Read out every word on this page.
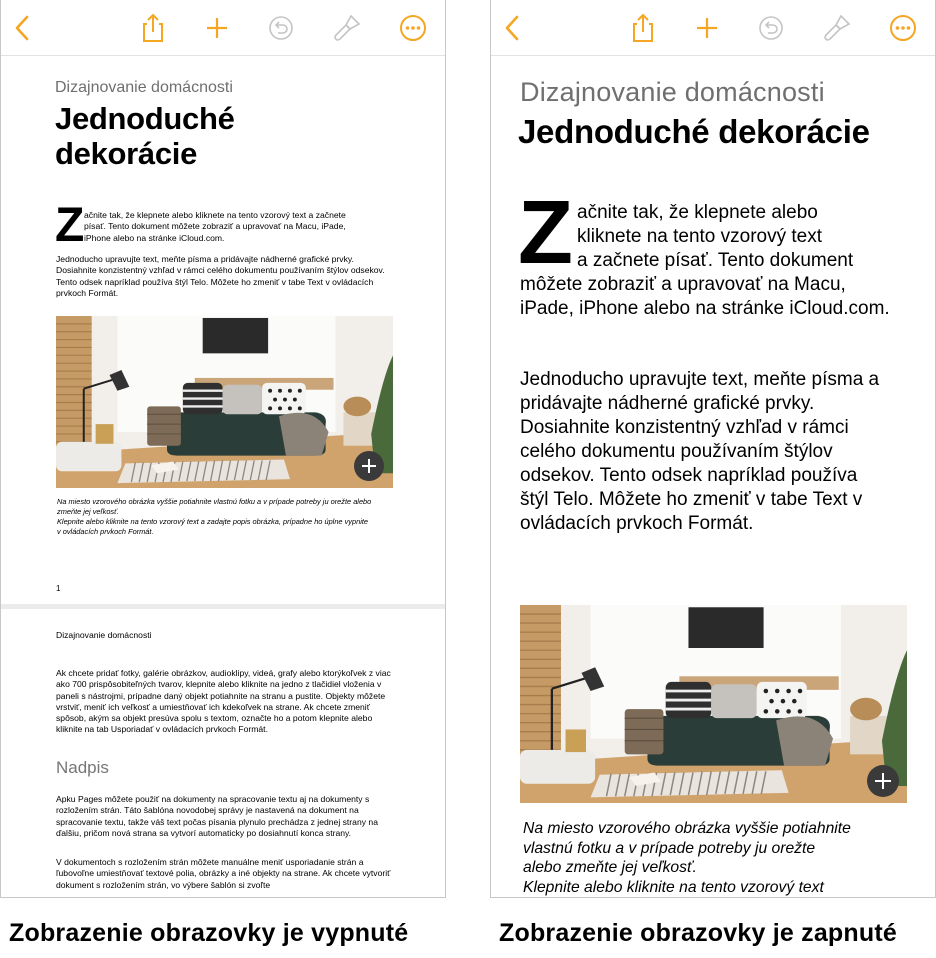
Dizajnovanie domácnosti
Jednoduché
dekorácie
Z ačnite tak, že klepnete alebo kliknete na tento vzorový text a začnete
písať. Tento dokument môžete zobraziť a upravovať na Macu, iPade,
iPhone alebo na stránke iCloud.com.
Jednoducho upravujte text, meňte písma a pridávajte nádherné grafické prvky. Dosiahnite konzistentný vzhľad v rámci celého dokumentu používaním štýlov odsekov. Tento odsek napríklad používa štýl Telo. Môžete ho zmeniť v tabe Text v ovládacích prvkoch Formát.
Na miesto vzorového obrázka vyššie potiahnite vlastnú fotku a v prípade potreby ju orežte alebo
zmeňte jej veľkosť.
Klepnite alebo kliknite na tento vzorový text a zadajte popis obrázka, prípadne ho úplne vypnite
v ovládacích prvkoch Formát.
1
Dizajnovanie domácnosti
Ak chcete pridať fotky, galérie obrázkov, audioklipy, videá, grafy alebo ktorýkoľvek z viac ako 700 prispôsobiteľných tvarov, klepnite alebo kliknite na jedno z tlačidiel vloženia v paneli s nástrojmi, prípadne daný objekt potiahnite na stranu a pustite. Objekty môžete vrstviť, meniť ich veľkosť a umiestňovať ich kdekoľvek na strane. Ak chcete zmeniť spôsob, akým sa objekt presúva spolu s textom, označte ho a potom klepnite alebo kliknite na tab Usporiadať v ovládacích prvkoch Formát.
Nadpis
Apku Pages môžete použiť na dokumenty na spracovanie textu aj na dokumenty s rozložením strán. Táto šablóna novodobej správy je nastavená na dokument na spracovanie textu, takže váš text počas písania plynulo prechádza z jednej strany na ďalšiu, pričom nová strana sa vytvorí automaticky po dosiahnutí konca strany.
V dokumentoch s rozložením strán môžete manuálne meniť usporiadanie strán a ľubovoľne umiestňovať textové polia, obrázky a iné objekty na strane. Ak chcete vytvoriť dokument s rozložením strán, vo výbere šablón si zvoľte
Dizajnovanie domácnosti
Jednoduché dekorácie
Z ačnite tak, že klepnete alebo
kliknete na tento vzorový text
a začnete písať. Tento dokument
môžete zobraziť a upravovať na Macu, iPade, iPhone alebo na stránke iCloud.com.
Jednoducho upravujte text, meňte písma a pridávajte nádherné grafické prvky. Dosiahnite konzistentný vzhľad v rámci celého dokumentu používaním štýlov odsekov. Tento odsek napríklad používa štýl Telo. Môžete ho zmeniť v tabe Text v ovládacích prvkoch Formát.
Na miesto vzorového obrázka vyššie potiahnite
vlastnú fotku a v prípade potreby ju orežte
alebo zmeňte jej veľkosť.
Klepnite alebo kliknite na tento vzorový text
Zobrazenie obrazovky je vypnuté	Zobrazenie obrazovky je zapnuté
